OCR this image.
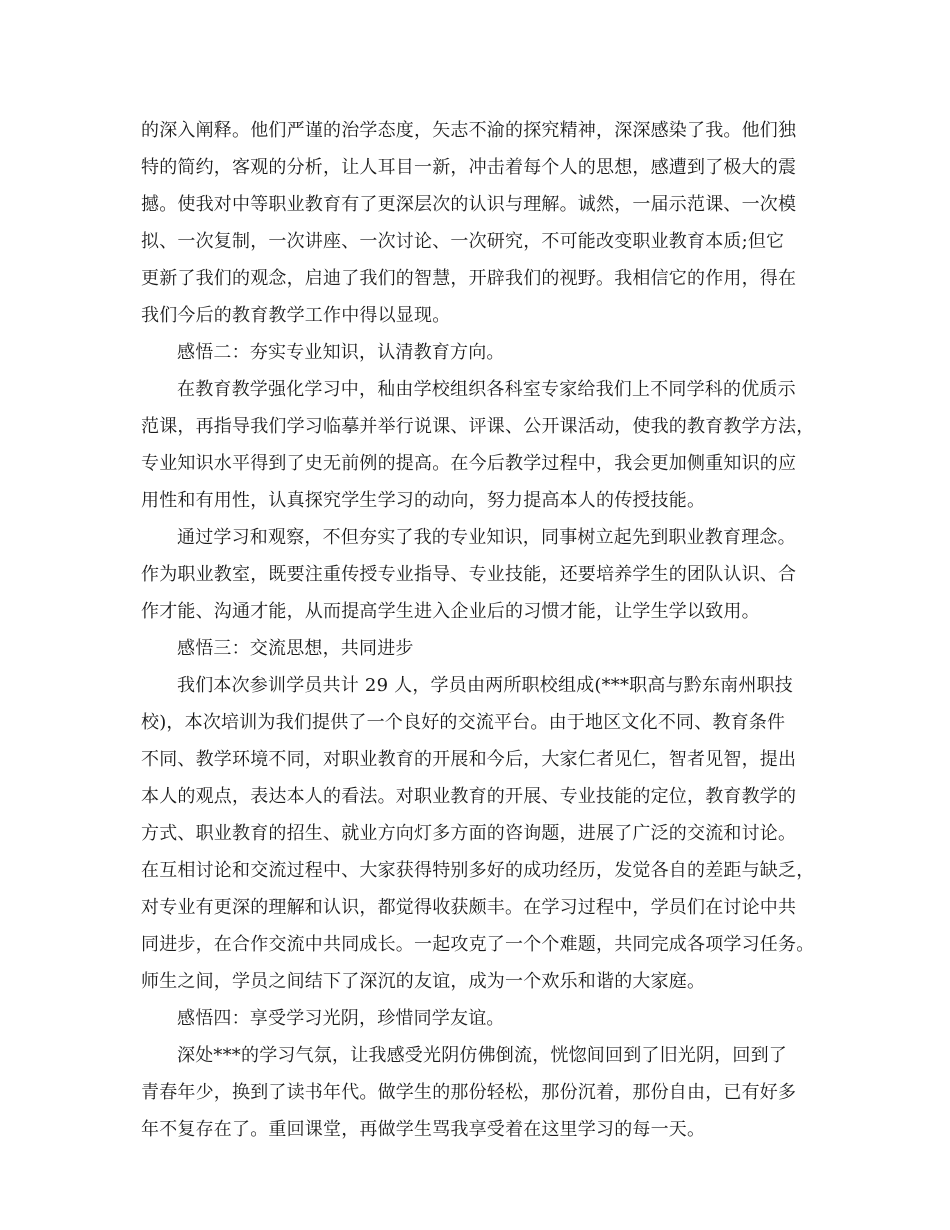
的深入阐释。他们严谨的治学态度，矢志不渝的探究精神，深深感染了我。他们独
特的简约，客观的分析，让人耳目一新，冲击着每个人的思想，感遭到了极大的震
撼。使我对中等职业教育有了更深层次的认识与理解。诚然，一届示范课、一次模
拟、一次复制，一次讲座、一次讨论、一次研究，不可能改变职业教育本质;但它
更新了我们的观念，启迪了我们的智慧，开辟我们的视野。我相信它的作用，得在
我们今后的教育教学工作中得以显现。
感悟二：夯实专业知识，认清教育方向。
在教育教学强化学习中，秈由学校组织各科室专家给我们上不同学科的优质示
范课，再指导我们学习临摹并举行说课、评课、公开课活动，使我的教育教学方法，
专业知识水平得到了史无前例的提高。在今后教学过程中，我会更加侧重知识的应
用性和有用性，认真探究学生学习的动向，努力提高本人的传授技能。
通过学习和观察，不但夯实了我的专业知识，同事树立起先到职业教育理念。
作为职业教室，既要注重传授专业指导、专业技能，还要培养学生的团队认识、合
作才能、沟通才能，从而提高学生进入企业后的习惯才能，让学生学以致用。
感悟三：交流思想，共同进步
我们本次参训学员共计 29 人，学员由两所职校组成(***职高与黔东南州职技
校)，本次培训为我们提供了一个良好的交流平台。由于地区文化不同、教育条件
不同、教学环境不同，对职业教育的开展和今后，大家仁者见仁，智者见智，提出
本人的观点，表达本人的看法。对职业教育的开展、专业技能的定位，教育教学的
方式、职业教育的招生、就业方向灯多方面的咨询题，进展了广泛的交流和讨论。
在互相讨论和交流过程中、大家获得特别多好的成功经历，发觉各自的差距与缺乏，
对专业有更深的理解和认识，都觉得收获颇丰。在学习过程中，学员们在讨论中共
同进步，在合作交流中共同成长。一起攻克了一个个难题，共同完成各项学习任务。
师生之间，学员之间结下了深沉的友谊，成为一个欢乐和谐的大家庭。
感悟四：享受学习光阴，珍惜同学友谊。
深处***的学习气氛，让我感受光阴仿佛倒流，恍惚间回到了旧光阴，回到了
青春年少，换到了读书年代。做学生的那份轻松，那份沉着，那份自由，已有好多
年不复存在了。重回课堂，再做学生骂我享受着在这里学习的每一天。
